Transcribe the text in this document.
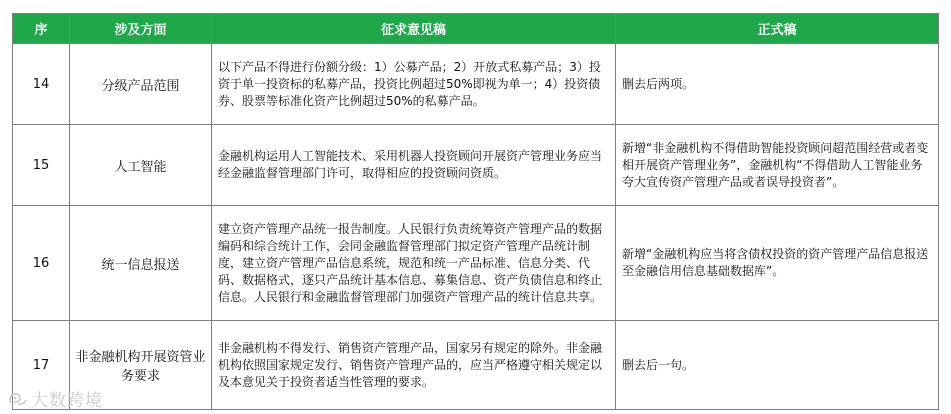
序	涉及方面	征求意见稿	正式稿
14	分级产品范围	以下产品不得进行份额分级：1）公募产品；2）开放式私募产品；3）投资于单一投资标的私募产品，投资比例超过50%即视为单一；4）投资债券、股票等标准化资产比例超过50%的私募产品。	删去后两项。
15	人工智能	金融机构运用人工智能技术、采用机器人投资顾问开展资产管理业务应当经金融监督管理部门许可，取得相应的投资顾问资质。	新增“非金融机构不得借助智能投资顾问超范围经营或者变相开展资产管理业务”，金融机构“不得借助人工智能业务夸大宣传资产管理产品或者误导投资者”。
16	统一信息报送	建立资产管理产品统一报告制度。人民银行负责统筹资产管理产品的数据编码和综合统计工作，会同金融监督管理部门拟定资产管理产品统计制度，建立资产管理产品信息系统，规范和统一产品标准、信息分类、代码、数据格式，逐只产品统计基本信息、募集信息、资产负债信息和终止信息。人民银行和金融监督管理部门加强资产管理产品的统计信息共享。	新增“金融机构应当将含债权投资的资产管理产品信息报送至金融信用信息基础数据库”。
17	非金融机构开展资管业务要求	非金融机构不得发行、销售资产管理产品，国家另有规定的除外。非金融机构依照国家规定发行、销售资产管理产品的，应当严格遵守相关规定以及本意见关于投资者适当性管理的要求。	删去后一句。
大数跨境
